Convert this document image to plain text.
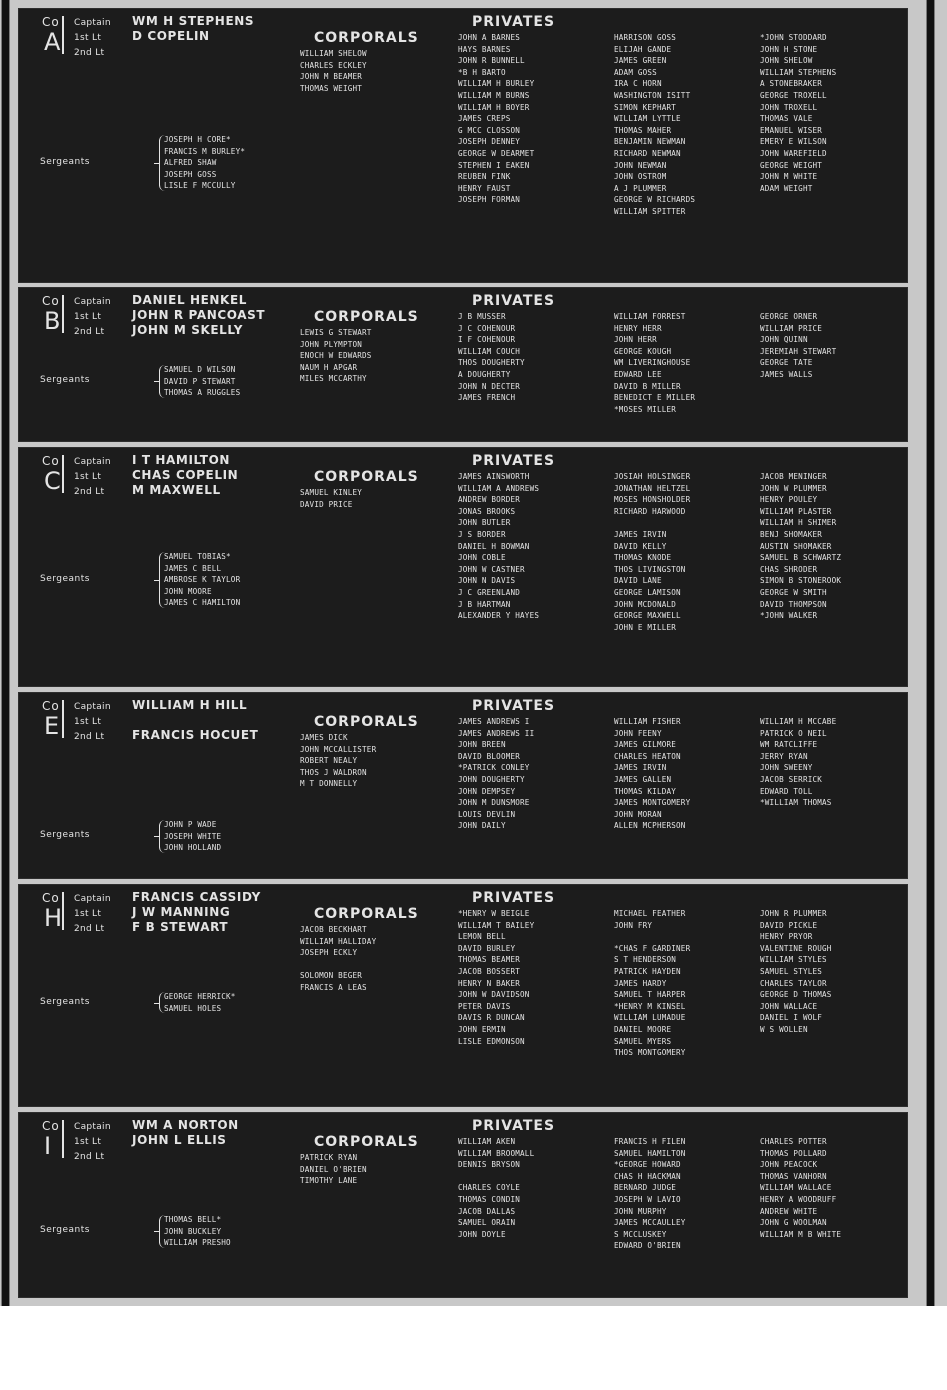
Co
A
Captain WM H STEPHENS
1st Lt	D COPELIN
2nd Lt
CORPORALS
WILLIAM SHELOW
CHARLES ECKLEY
JOHN M BEAMER
THOMAS WEIGHT
Sergeants
JOSEPH H CORE*
FRANCIS M BURLEY*
ALFRED SHAW
JOSEPH GOSS
LISLE F MCCULLY
PRIVATES
JOHN A BARNES
HAYS BARNES
JOHN R BUNNELL
*B H BARTO
WILLIAM H BURLEY
WILLIAM M BURNS
WILLIAM H BOYER
JAMES CREPS
G MCC CLOSSON
JOSEPH DENNEY
GEORGE W DEARMET
STEPHEN I EAKEN
REUBEN FINK
HENRY FAUST
JOSEPH FORMAN
HARRISON GOSS
ELIJAH GANDE
JAMES GREEN
ADAM GOSS
IRA C HORN
WASHINGTON ISITT
SIMON KEPHART
WILLIAM LYTTLE
THOMAS MAHER
BENJAMIN NEWMAN
RICHARD NEWMAN
JOHN NEWMAN
JOHN OSTROM
A J PLUMMER
GEORGE W RICHARDS
WILLIAM SPITTER
*JOHN STODDARD
JOHN H STONE
JOHN SHELOW
WILLIAM STEPHENS
A STONEBRAKER
GEORGE TROXELL
JOHN TROXELL
THOMAS VALE
EMANUEL WISER
EMERY E WILSON
JOHN WAREFIELD
GEORGE WEIGHT
JOHN M WHITE
ADAM WEIGHT
Co
B
Captain DANIEL HENKEL
1st Lt	JOHN R PANCOAST
2nd Lt JOHN M SKELLY
CORPORALS
LEWIS G STEWART
JOHN PLYMPTON
ENOCH W EDWARDS
NAUM H APGAR
MILES MCCARTHY
Sergeants
SAMUEL D WILSON
DAVID P STEWART
THOMAS A RUGGLES
PRIVATES
J B MUSSER
J C COHENOUR
I F COHENOUR
WILLIAM COUCH
THOS DOUGHERTY
A DOUGHERTY
JOHN N DECTER
JAMES FRENCH
WILLIAM FORREST
HENRY HERR
JOHN HERR
GEORGE KOUGH
WM LIVERINGHOUSE
EDWARD LEE
DAVID B MILLER
BENEDICT E MILLER
*MOSES MILLER
GEORGE ORNER
WILLIAM PRICE
JOHN QUINN
JEREMIAH STEWART
GEORGE TATE
JAMES WALLS
Co
C
Captain I T HAMILTON
1st Lt	CHAS COPELIN
2nd Lt M MAXWELL
CORPORALS
SAMUEL KINLEY
DAVID PRICE
Sergeants
SAMUEL TOBIAS*
JAMES C BELL
AMBROSE K TAYLOR
JOHN MOORE
JAMES C HAMILTON
PRIVATES
JAMES AINSWORTH
WILLIAM A ANDREWS
ANDREW BORDER
JONAS BROOKS
JOHN BUTLER
J S BORDER
DANIEL H BOWMAN
JOHN COBLE
JOHN W CASTNER
JOHN N DAVIS
J C GREENLAND
J B HARTMAN
ALEXANDER Y HAYES
JOSIAH HOLSINGER
JONATHAN HELTZEL
MOSES HONSHOLDER
RICHARD HARWOOD

JAMES IRVIN
DAVID KELLY
THOMAS KNODE
THOS LIVINGSTON
DAVID LANE
GEORGE LAMISON
JOHN MCDONALD
GEORGE MAXWELL
JOHN E MILLER
JACOB MENINGER
JOHN W PLUMMER
HENRY POULEY
WILLIAM PLASTER
WILLIAM H SHIMER
BENJ SHOMAKER
AUSTIN SHOMAKER
SAMUEL B SCHWARTZ
CHAS SHRODER
SIMON B STONEROOK
GEORGE W SMITH
DAVID THOMPSON
*JOHN WALKER
Co
E
Captain WILLIAM H HILL
1st Lt
2nd Lt FRANCIS HOCUET
CORPORALS
JAMES DICK
JOHN MCCALLISTER
ROBERT NEALY
THOS J WALDRON
M T DONNELLY
Sergeants
JOHN P WADE
JOSEPH WHITE
JOHN HOLLAND
PRIVATES
JAMES ANDREWS I
JAMES ANDREWS II
JOHN BREEN
DAVID BLOOMER
*PATRICK CONLEY
JOHN DOUGHERTY
JOHN DEMPSEY
JOHN M DUNSMORE
LOUIS DEVLIN
JOHN DAILY
WILLIAM FISHER
JOHN FEENY
JAMES GILMORE
CHARLES HEATON
JAMES IRVIN
JAMES GALLEN
THOMAS KILDAY
JAMES MONTGOMERY
JOHN MORAN
ALLEN MCPHERSON
WILLIAM H MCCABE
PATRICK O NEIL
WM RATCLIFFE
JERRY RYAN
JOHN SWEENY
JACOB SERRICK
EDWARD TOLL
*WILLIAM THOMAS
Co
H
Captain FRANCIS CASSIDY
1st Lt	J W MANNING
2nd Lt F B STEWART
CORPORALS
JACOB BECKHART
WILLIAM HALLIDAY
JOSEPH ECKLY

SOLOMON BEGER
FRANCIS A LEAS
Sergeants
GEORGE HERRICK*
SAMUEL HOLES
PRIVATES
*HENRY W BEIGLE
WILLIAM T BAILEY
LEMON BELL
DAVID BURLEY
THOMAS BEAMER
JACOB BOSSERT
HENRY N BAKER
JOHN W DAVIDSON
PETER DAVIS
DAVIS R DUNCAN
JOHN ERMIN
LISLE EDMONSON
MICHAEL FEATHER
JOHN FRY

*CHAS F GARDINER
S T HENDERSON
PATRICK HAYDEN
JAMES HARDY
SAMUEL T HARPER
*HENRY M KINSEL
WILLIAM LUMADUE
DANIEL MOORE
SAMUEL MYERS
THOS MONTGOMERY
JOHN R PLUMMER
DAVID PICKLE
HENRY PRYOR
VALENTINE ROUGH
WILLIAM STYLES
SAMUEL STYLES
CHARLES TAYLOR
GEORGE D THOMAS
JOHN WALLACE
DANIEL I WOLF
W S WOLLEN
Co
I
Captain WM A NORTON
1st Lt	JOHN L ELLIS
2nd Lt
CORPORALS
PATRICK RYAN
DANIEL O'BRIEN
TIMOTHY LANE
Sergeants
THOMAS BELL*
JOHN BUCKLEY
WILLIAM PRESHO
PRIVATES
WILLIAM AKEN
WILLIAM BROOMALL
DENNIS BRYSON

CHARLES COYLE
THOMAS CONDIN
JACOB DALLAS
SAMUEL ORAIN
JOHN DOYLE
FRANCIS H FILEN
SAMUEL HAMILTON
*GEORGE HOWARD
CHAS H HACKMAN
BERNARD JUDGE
JOSEPH W LAVIO
JOHN MURPHY
JAMES MCCAULLEY
S MCCLUSKEY
EDWARD O'BRIEN
CHARLES POTTER
THOMAS POLLARD
JOHN PEACOCK
THOMAS VANHORN
WILLIAM WALLACE
HENRY A WOODRUFF
ANDREW WHITE
JOHN G WOOLMAN
WILLIAM M B WHITE
